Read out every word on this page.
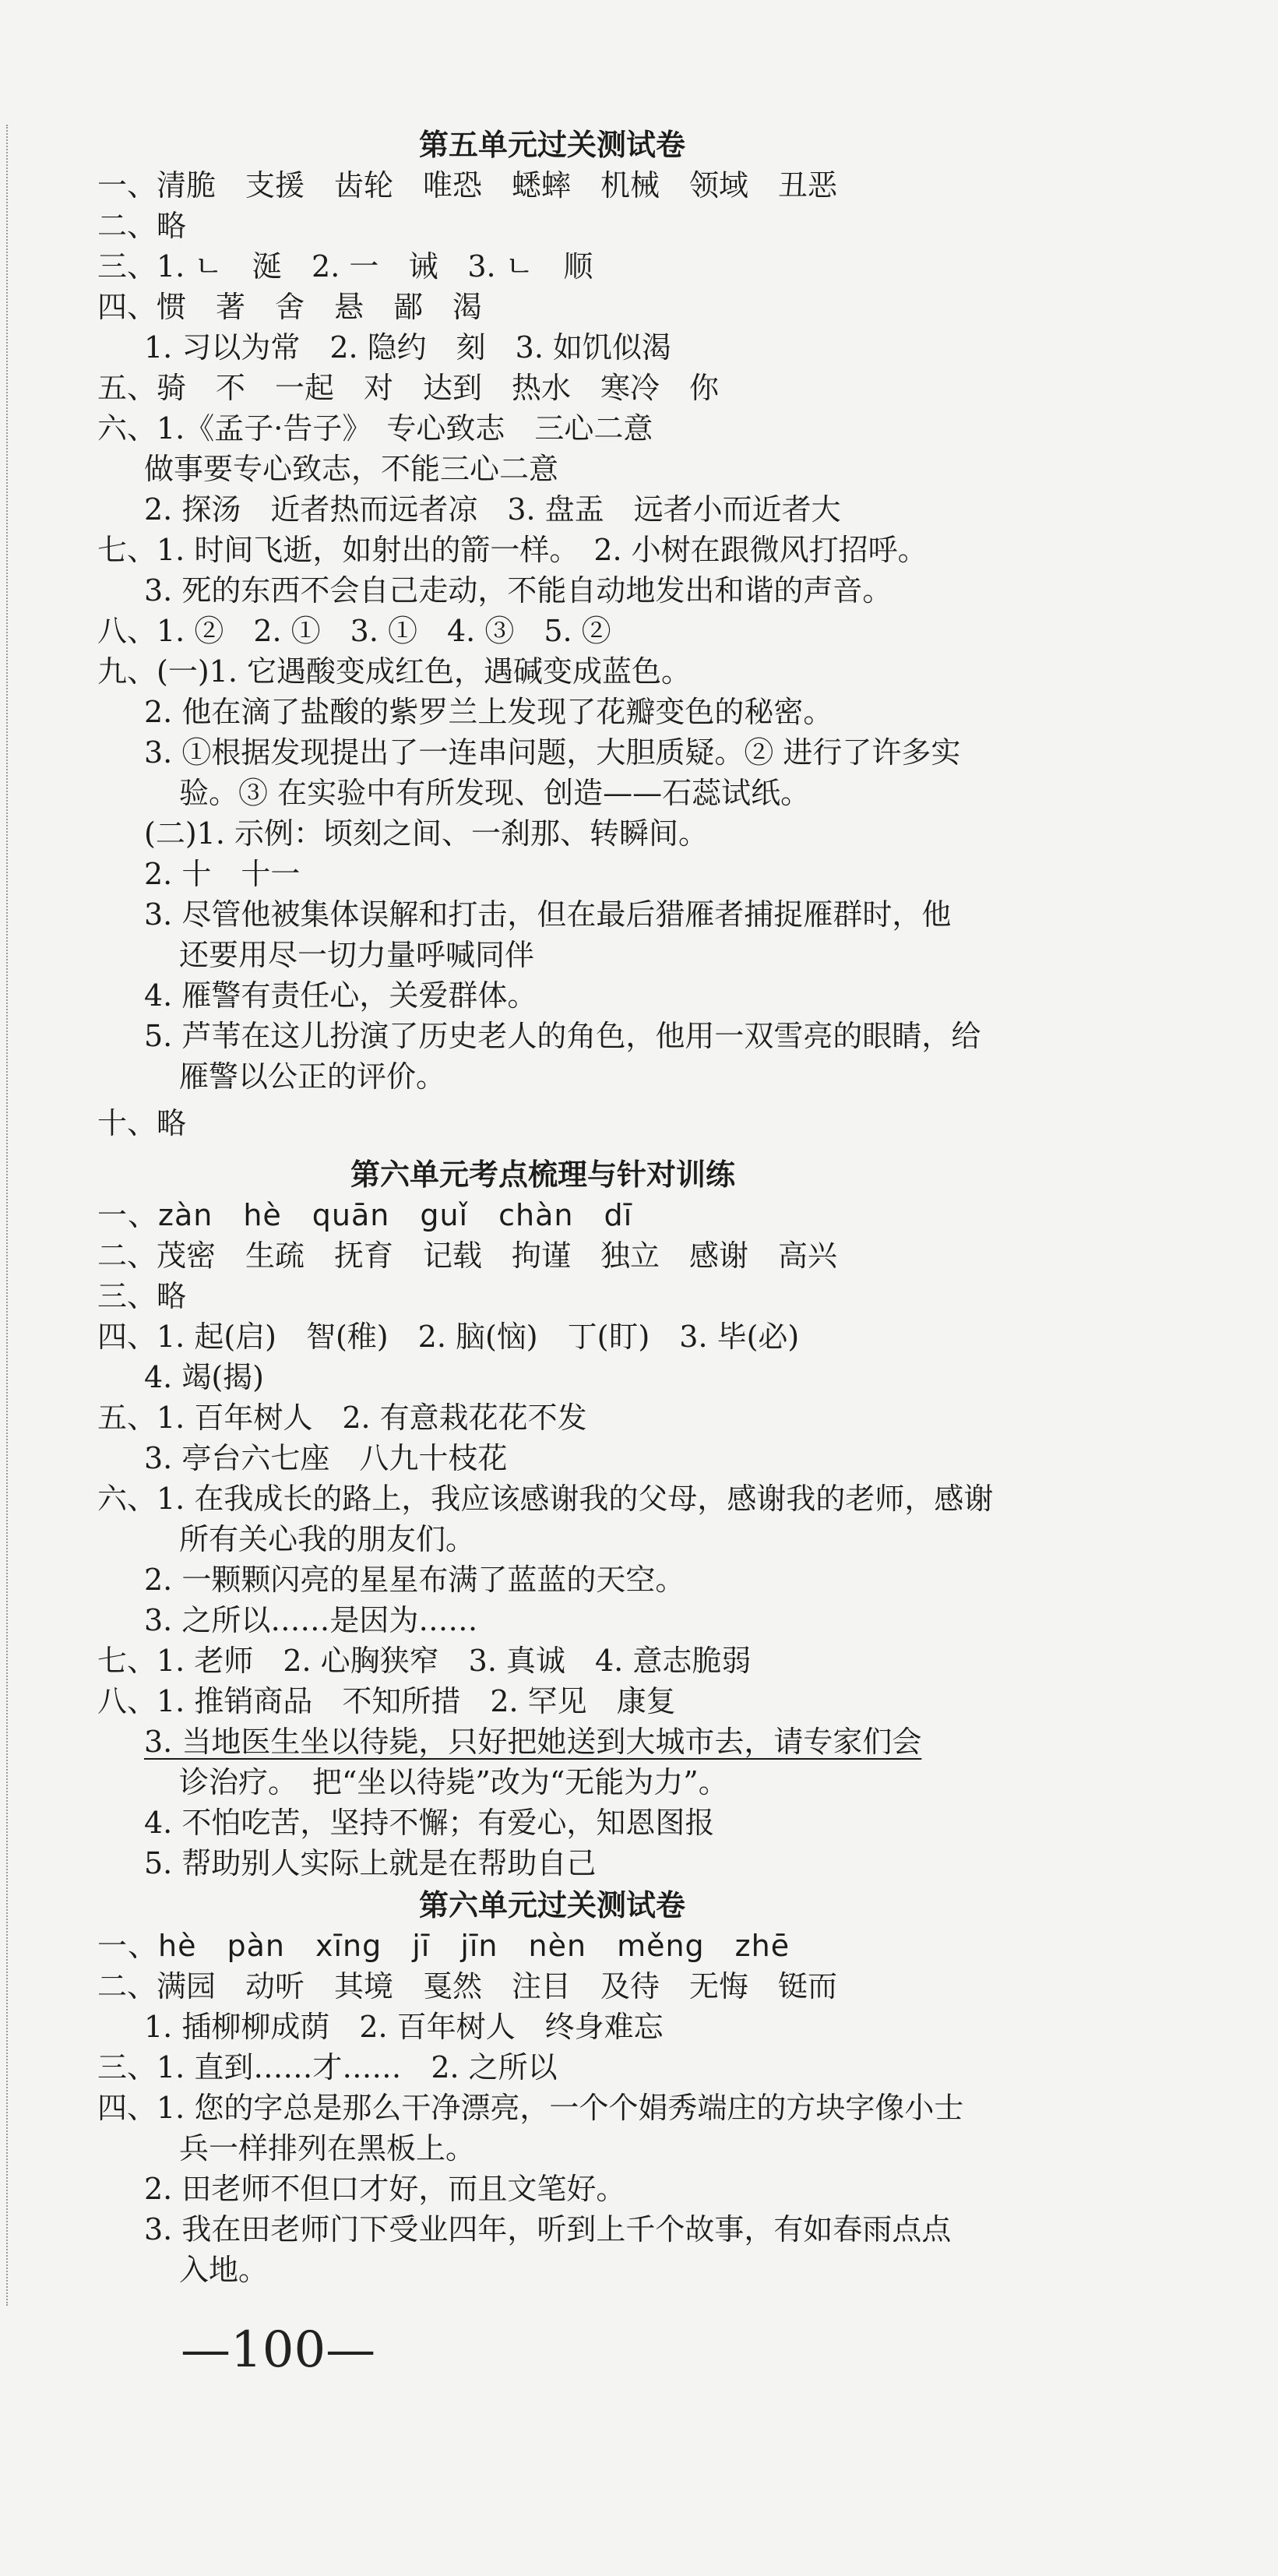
第五单元过关测试卷
一、清脆　支援　齿轮　唯恐　蟋蟀　机械　领域　丑恶
二、略
三、1. ㄴ　涎　2. 一　诫　3. ㄴ　顺
四、惯　著　舍　悬　鄙　渴
1. 习以为常　2. 隐约　刻　3. 如饥似渴
五、骑　不　一起　对　达到　热水　寒冷　你
六、1.《孟子·告子》　专心致志　三心二意
做事要专心致志，不能三心二意
2. 探汤　近者热而远者凉　3. 盘盂　远者小而近者大
七、1. 时间飞逝，如射出的箭一样。　2. 小树在跟微风打招呼。
3. 死的东西不会自己走动，不能自动地发出和谐的声音。
八、1. ②　2. ①　3. ①　4. ③　5. ②
九、(一)1. 它遇酸变成红色，遇碱变成蓝色。
2. 他在滴了盐酸的紫罗兰上发现了花瓣变色的秘密。
3. ①根据发现提出了一连串问题，大胆质疑。② 进行了许多实
验。③ 在实验中有所发现、创造——石蕊试纸。
(二)1. 示例：顷刻之间、一刹那、转瞬间。
2. 十　十一
3. 尽管他被集体误解和打击，但在最后猎雁者捕捉雁群时，他
还要用尽一切力量呼喊同伴
4. 雁警有责任心，关爱群体。
5. 芦苇在这儿扮演了历史老人的角色，他用一双雪亮的眼睛，给
雁警以公正的评价。
十、略
第六单元考点梳理与针对训练
一、zàn　hè　quān　guǐ　chàn　dī
二、茂密　生疏　抚育　记载　拘谨　独立　感谢　高兴
三、略
四、1. 起(启)　智(稚)　2. 脑(恼)　丁(盯)　3. 毕(必)
4. 竭(揭)
五、1. 百年树人　2. 有意栽花花不发
3. 亭台六七座　八九十枝花
六、1. 在我成长的路上，我应该感谢我的父母，感谢我的老师，感谢
所有关心我的朋友们。
2. 一颗颗闪亮的星星布满了蓝蓝的天空。
3. 之所以……是因为……
七、1. 老师　2. 心胸狭窄　3. 真诚　4. 意志脆弱
八、1. 推销商品　不知所措　2. 罕见　康复
3. 当地医生坐以待毙，只好把她送到大城市去，请专家们会
诊治疗。　把“坐以待毙”改为“无能为力”。
4. 不怕吃苦，坚持不懈；有爱心，知恩图报
5. 帮助别人实际上就是在帮助自己
第六单元过关测试卷
一、hè　pàn　xīng　jī　jīn　nèn　měng　zhē
二、满园　动听　其境　戛然　注目　及待　无悔　铤而
1. 插柳柳成荫　2. 百年树人　终身难忘
三、1. 直到……才……　2. 之所以
四、1. 您的字总是那么干净漂亮，一个个娟秀端庄的方块字像小士
兵一样排列在黑板上。
2. 田老师不但口才好，而且文笔好。
3. 我在田老师门下受业四年，听到上千个故事，有如春雨点点
入地。
—100—
